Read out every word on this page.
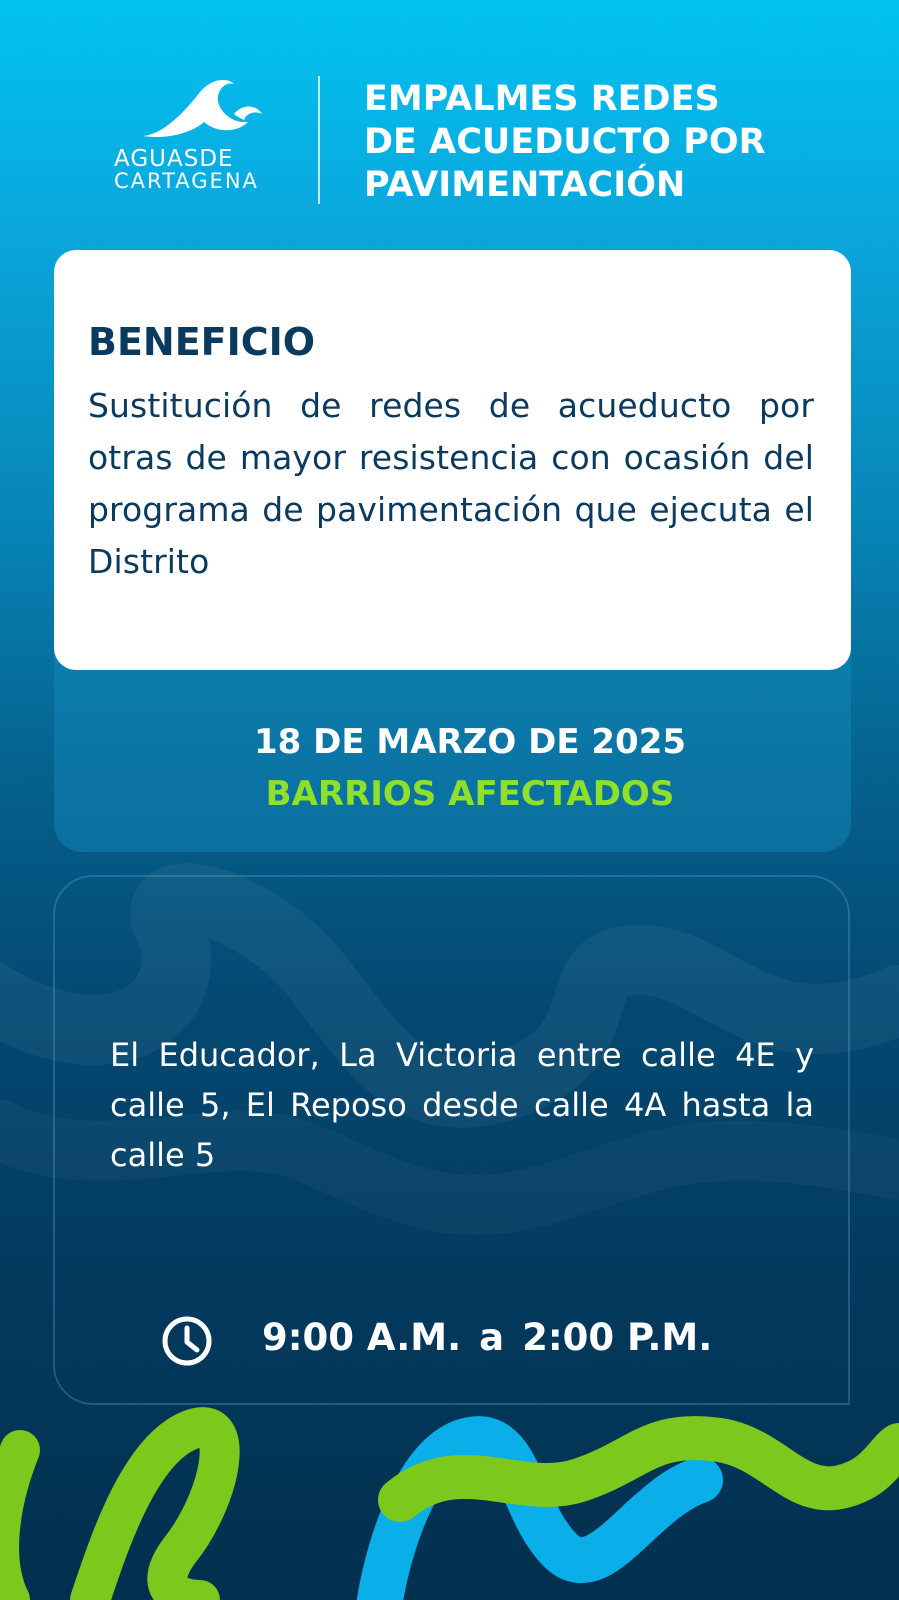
AGUASDE
CARTAGENA
EMPALMES REDES
DE ACUEDUCTO POR
PAVIMENTACIÓN
BENEFICIO

Sustitución de redes de acueducto por otras de mayor resistencia con ocasión del programa de pavimentación que ejecuta el Distrito

18 DE MARZO DE 2025
BARRIOS AFECTADOS

El Educador, La Victoria entre calle 4E y calle 5, El Reposo desde calle 4A hasta la calle 5

9:00 A.M. a 2:00 P.M.
